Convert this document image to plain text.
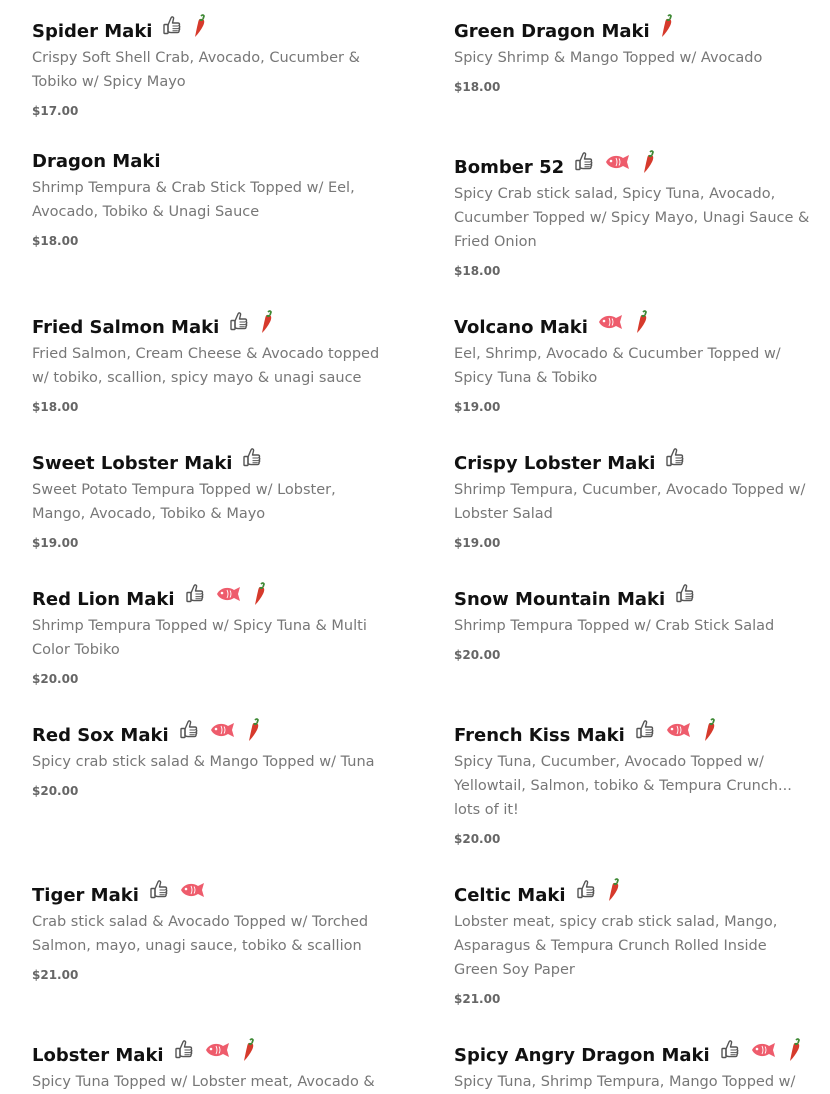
Spider Maki
Crispy Soft Shell Crab, Avocado, Cucumber & Tobiko w/ Spicy Mayo
$17.00
Green Dragon Maki
Spicy Shrimp & Mango Topped w/ Avocado
$18.00
Dragon Maki
Shrimp Tempura & Crab Stick Topped w/ Eel, Avocado, Tobiko & Unagi Sauce
$18.00
Bomber 52
Spicy Crab stick salad, Spicy Tuna, Avocado, Cucumber Topped w/ Spicy Mayo, Unagi Sauce & Fried Onion
$18.00
Fried Salmon Maki
Fried Salmon, Cream Cheese & Avocado topped w/ tobiko, scallion, spicy mayo & unagi sauce
$18.00
Volcano Maki
Eel, Shrimp, Avocado & Cucumber Topped w/ Spicy Tuna & Tobiko
$19.00
Sweet Lobster Maki
Sweet Potato Tempura Topped w/ Lobster, Mango, Avocado, Tobiko & Mayo
$19.00
Crispy Lobster Maki
Shrimp Tempura, Cucumber, Avocado Topped w/ Lobster Salad
$19.00
Red Lion Maki
Shrimp Tempura Topped w/ Spicy Tuna & Multi Color Tobiko
$20.00
Snow Mountain Maki
Shrimp Tempura Topped w/ Crab Stick Salad
$20.00
Red Sox Maki
Spicy crab stick salad & Mango Topped w/ Tuna
$20.00
French Kiss Maki
Spicy Tuna, Cucumber, Avocado Topped w/ Yellowtail, Salmon, tobiko & Tempura Crunch... lots of it!
$20.00
Tiger Maki
Crab stick salad & Avocado Topped w/ Torched Salmon, mayo, unagi sauce, tobiko & scallion
$21.00
Celtic Maki
Lobster meat, spicy crab stick salad, Mango, Asparagus & Tempura Crunch Rolled Inside Green Soy Paper
$21.00
Lobster Maki
Spicy Tuna Topped w/ Lobster meat, Avocado &
Spicy Angry Dragon Maki
Spicy Tuna, Shrimp Tempura, Mango Topped w/
